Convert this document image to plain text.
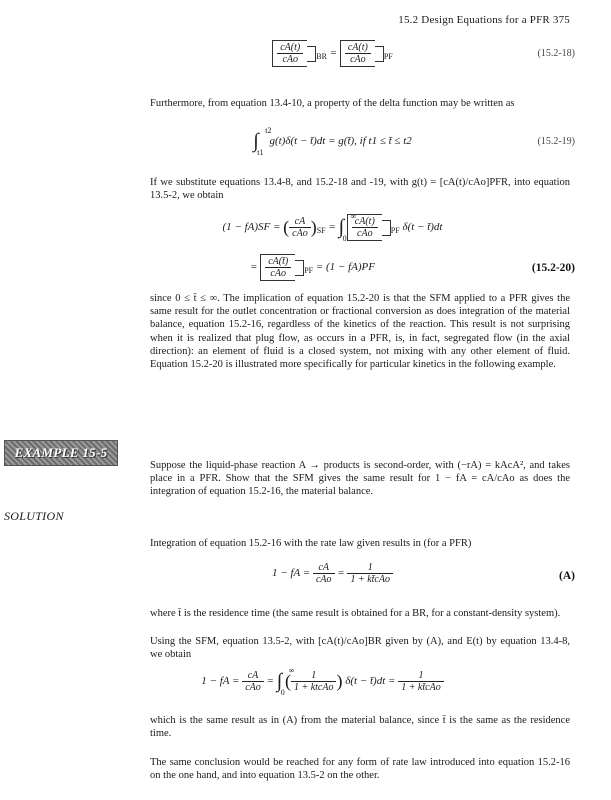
15.2 Design Equations for a PFR 375
$\frac{cA(t)}{\text{cAo}} _{BR} = \frac{cA(t)}{\text{cAo}} _{PF}$	(15.2-18)

Furthermore, from equation 13.4-10, a property of the delta function may be written as

∫ t2
t1
g(t)δ(t − t̄)dt = g(t̄), if t1 ≤ t̄ ≤ t2	(15.2-19)

If we substitute equations 13.4-8, and 15.2-18 and -19, with g(t) = [cA(t)/cAo]PFR, into equation 13.5-2, we obtain

(1 − fA)SF = ( $\frac{cA}{\text{cAo}} )_{SF}$ = ∫ ∞
0
$\frac{cA(t)}{\text{cAo}} _{PF}$ δ(t − t̄)dt
= $\frac{cA(t̄)}{\text{cAo}} _{PF} = (1 - fA)PF$	(15.2-20)

since 0 ≤ t̄ ≤ ∞. The implication of equation 15.2-20 is that the SFM applied to a PFR gives the same result for the outlet concentration or fractional conversion as does integration of the material balance, equation 15.2-16, regardless of the kinetics of the reaction. This result is not surprising when it is realized that plug flow, as occurs in a PFR, is, in fact, segregated flow (in the axial direction): an element of fluid is a closed system, not mixing with any other element of fluid. Equation 15.2-20 is illustrated more specifically for particular kinetics in the following example.

EXAMPLE 15-5

Suppose the liquid-phase reaction A → products is second-order, with (−rA) = kAcA², and takes place in a PFR. Show that the SFM gives the same result for 1 − fA = cA/cAo as does the integration of equation 15.2-16, the material balance.

SOLUTION

Integration of equation 15.2-16 with the rate law given results in (for a PFR)

1 − fA = $\frac{cA}{\text{cAo}} = \frac{1}{\text{1 + kt̄cAo}}$	(A)

where t̄ is the residence time (the same result is obtained for a BR, for a constant-density system).

Using the SFM, equation 13.5-2, with [cA(t)/cAo]BR given by (A), and E(t) by equation 13.4-8, we obtain

1 − fA = $\frac{cA}{\text{cAo}}$ = ∫ ∞
0
( $\frac{1}{\text{1 + ktcAo}}$ ) δ(t − t̄)dt = $\frac{1}{\text{1 + kt̄cAo}}$

which is the same result as in (A) from the material balance, since t̄ is the same as the residence time.

The same conclusion would be reached for any form of rate law introduced into equation 15.2-16 on the one hand, and into equation 13.5-2 on the other.
